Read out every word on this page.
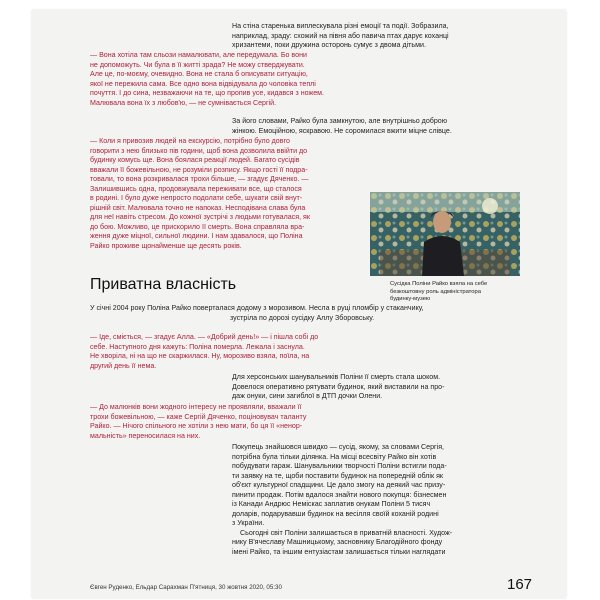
На стіна старенька виплескувала різні емоції та події. Зобразила,
наприклад, зраду: схожий на півня або павича птах дарує коханці
хризантеми, поки дружина осторонь сумує з двома дітьми.
— Вона хотіла там сльози намалювати, але передумала. Бо вони
не допоможуть. Чи була в її житті зрада? Не можу стверджувати.
Але це, по-моєму, очевидно. Вона не стала б описувати ситуацію,
якої не пережила сама. Все одно вона відвідувала до чоловіка теплі
почуття. І до сина, незважаючи на те, що пропив усе, кидався з ножем.
Малювала вона їх з любов'ю, — не сумнівається Сергій.
За його словами, Райко була замкнутою, але внутрішньо доброю
жінкою. Емоційною, яскравою. Не соромилася вжити міцне слівце.
— Коли я привозив людей на екскурсію, потрібно було довго
говорити з нею близько пів години, щоб вона дозволила ввійти до
будинку комусь ще. Вона боялася реакції людей. Багато сусідів
вважали її божевільною, не розуміли розпису. Якщо гості її подра-
товали, то вона розкривалася трохи більше, — згадує Дяченко. —
Залишившись одна, продовжувала переживати все, що сталося
в родині. І було дуже непросто подолати себе, шукати свій внут-
рішній світ. Малювала точно не напоказ. Несподівана слава була
для неї навіть стресом. До кожної зустрічі з людьми готувалася, як
до бою. Можливо, це прискорило її смерть. Вона справляла вра-
ження дуже міцної, сильної людини. І нам здавалося, що Поліна
Райко проживе щонайменше ще десять років.
Сусідка Поліни Райко взяла на себе
безкоштовну роль адміністратора
будинку-музею
Приватна власність
У січні 2004 року Поліна Райко поверталася додому з морозивом. Несла в руці пломбір у стаканчику,
зустріла по дорозі сусідку Аллу Зборовську.
— Іде, сміється, — згадує Алла. — «Добрий день!» — і пішла собі до
себе. Наступного дня кажуть: Поліна померла. Лежала і заснула.
Не хворіла, ні на що не скаржилася. Ну, морозиво взяла, поїла, на
другий день її нема.
Для херсонських шанувальників Поліни її смерть стала шоком.
Довелося оперативно рятувати будинок, який виставили на про-
даж онуки, сини загиблої в ДТП дочки Олени.
— До малюнків вони жодного інтересу не проявляли, вважали її
трохи божевільною, — каже Сергій Дяченко, поціновувач таланту
Райко. — Нічого спільного не хотіли з нею мати, бо ця її «ненор-
мальність» переносилася на них.
Покупець знайшовся швидко — сусід, якому, за словами Сергія,
потрібна була тільки ділянка. На місці всесвіту Райко він хотів
побудувати гараж. Шанувальники творчості Поліни встигли пода-
ти заявку на те, щоби поставити будинок на попередній облік як
об'єкт культурної спадщини. Це дало змогу на деякий час призу-
пинити продаж. Потім вдалося знайти нового покупця: бізнесмен
із Канади Андрюс Неміскас заплатив онукам Поліни 5 тисяч
доларів, подарувавши будинок на весілля своїй коханій родині
з України.
Сьогодні світ Поліни залишається в приватній власності. Худож-
нику В'ячеславу Машницькому, засновнику Благодійного фонду
імені Райко, та іншим ентузіастам залишається тільки наглядати
Євген Руденко, Ельдар Сарахман П'ятниця, 30 жовтня 2020, 05:30	167
